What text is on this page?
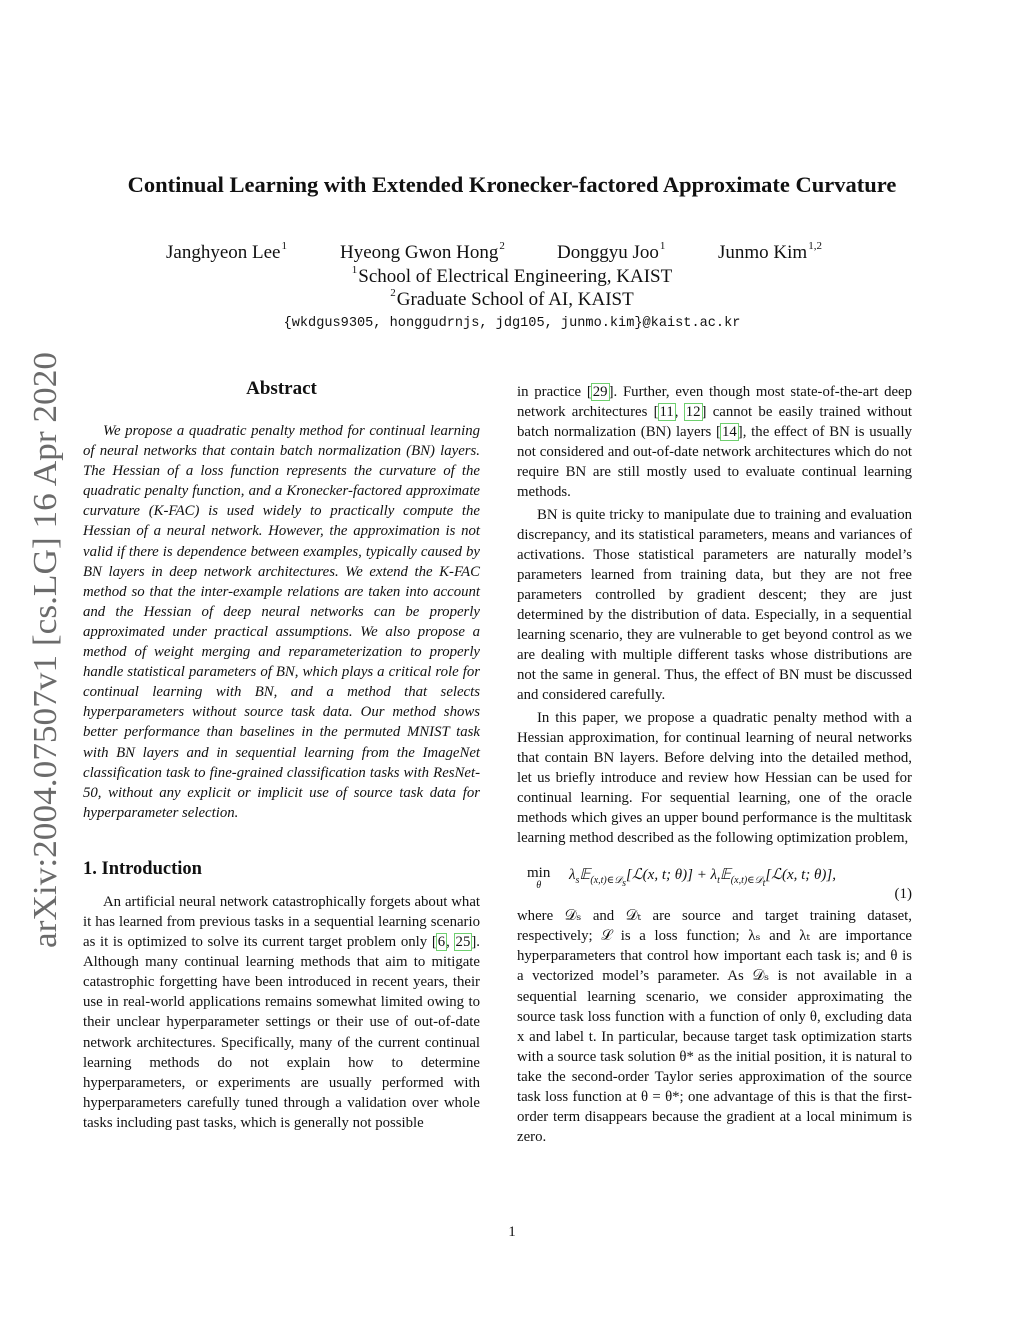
arXiv:2004.07507v1 [cs.LG] 16 Apr 2020
Continual Learning with Extended Kronecker-factored Approximate Curvature
Janghyeon Lee$^1$	Hyeong Gwon Hong$^2$	Donggyu Joo$^1$	Junmo Kim$^{1,2}$
$^1$School of Electrical Engineering, KAIST
$^2$Graduate School of AI, KAIST
{wkdgus9305, honggudrnjs, jdg105, junmo.kim}@kaist.ac.kr
Abstract

We propose a quadratic penalty method for continual learning of neural networks that contain batch normalization (BN) layers. The Hessian of a loss function represents the curvature of the quadratic penalty function, and a Kronecker-factored approximate curvature (K-FAC) is used widely to practically compute the Hessian of a neural network. However, the approximation is not valid if there is dependence between examples, typically caused by BN layers in deep network architectures. We extend the K-FAC method so that the inter-example relations are taken into account and the Hessian of deep neural networks can be properly approximated under practical assumptions. We also propose a method of weight merging and reparameterization to properly handle statistical parameters of BN, which plays a critical role for continual learning with BN, and a method that selects hyperparameters without source task data. Our method shows better performance than baselines in the permuted MNIST task with BN layers and in sequential learning from the ImageNet classification task to fine-grained classification tasks with ResNet-50, without any explicit or implicit use of source task data for hyperparameter selection.

1. Introduction

An artificial neural network catastrophically forgets about what it has learned from previous tasks in a sequential learning scenario as it is optimized to solve its current target problem only [6, 25]. Although many continual learning methods that aim to mitigate catastrophic forgetting have been introduced in recent years, their use in real-world applications remains somewhat limited owing to their unclear hyperparameter settings or their use of out-of-date network architectures. Specifically, many of the current continual learning methods do not explain how to determine hyperparameters, or experiments are usually performed with hyperparameters carefully tuned through a validation over whole tasks including past tasks, which is generally not possible

in practice [29]. Further, even though most state-of-the-art deep network architectures [11, 12] cannot be easily trained without batch normalization (BN) layers [14], the effect of BN is usually not considered and out-of-date network architectures which do not require BN are still mostly used to evaluate continual learning methods.

BN is quite tricky to manipulate due to training and evaluation discrepancy, and its statistical parameters, means and variances of activations. Those statistical parameters are naturally model’s parameters learned from training data, but they are not free parameters controlled by gradient descent; they are just determined by the distribution of data. Especially, in a sequential learning scenario, they are vulnerable to get beyond control as we are dealing with multiple different tasks whose distributions are not the same in general. Thus, the effect of BN must be discussed and considered carefully.

In this paper, we propose a quadratic penalty method with a Hessian approximation, for continual learning of neural networks that contain BN layers. Before delving into the detailed method, let us briefly introduce and review how Hessian can be used for continual learning. For sequential learning, one of the oracle methods which gives an upper bound performance is the multitask learning method described as the following optimization problem,

min
θ
$\lambda_s𝔼_{(x,t)\in 𝒟_s}[ℒ(x$, t; $\theta)] + \lambda_t𝔼_{(x,t)\in 𝒟_t}[ℒ(x$, t; θ)],
(1)

where 𝒟ₛ and 𝒟ₜ are source and target training dataset, respectively; ℒ is a loss function; λₛ and λₜ are importance hyperparameters that control how important each task is; and θ is a vectorized model’s parameter. As 𝒟ₛ is not available in a sequential learning scenario, we consider approximating the source task loss function with a function of only θ, excluding data x and label t. In particular, because target task optimization starts with a source task solution θ* as the initial position, it is natural to take the second-order Taylor series approximation of the source task loss function at θ = θ*; one advantage of this is that the first-order term disappears because the gradient at a local minimum is zero.

1
